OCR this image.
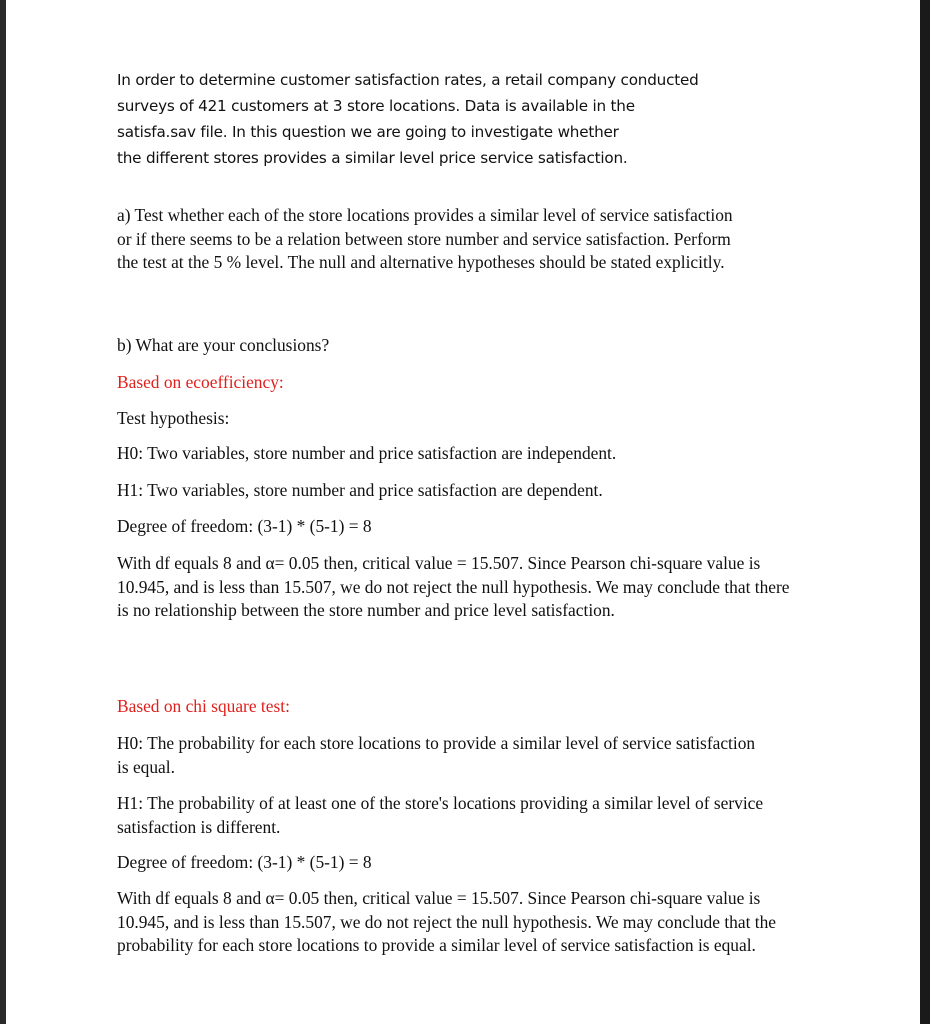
In order to determine customer satisfaction rates, a retail company conducted

surveys of 421 customers at 3 store locations. Data is available in the

satisfa.sav file. In this question we are going to investigate whether

the different stores provides a similar level price service satisfaction.

a) Test whether each of the store locations provides a similar level of service satisfaction or if there seems to be a relation between store number and service satisfaction. Perform the test at the 5 % level. The null and alternative hypotheses should be stated explicitly.

b) What are your conclusions?

Based on ecoefficiency:

Test hypothesis:

H0: Two variables, store number and price satisfaction are independent.

H1: Two variables, store number and price satisfaction are dependent.

Degree of freedom: (3-1) * (5-1) = 8

With df equals 8 and α= 0.05 then, critical value = 15.507. Since Pearson chi-square value is 10.945, and is less than 15.507, we do not reject the null hypothesis. We may conclude that there is no relationship between the store number and price level satisfaction.

Based on chi square test:

H0: The probability for each store locations to provide a similar level of service satisfaction is equal.

H1: The probability of at least one of the store's locations providing a similar level of service satisfaction is different.

Degree of freedom: (3-1) * (5-1) = 8

With df equals 8 and α= 0.05 then, critical value = 15.507. Since Pearson chi-square value is 10.945, and is less than 15.507, we do not reject the null hypothesis. We may conclude that the probability for each store locations to provide a similar level of service satisfaction is equal.
